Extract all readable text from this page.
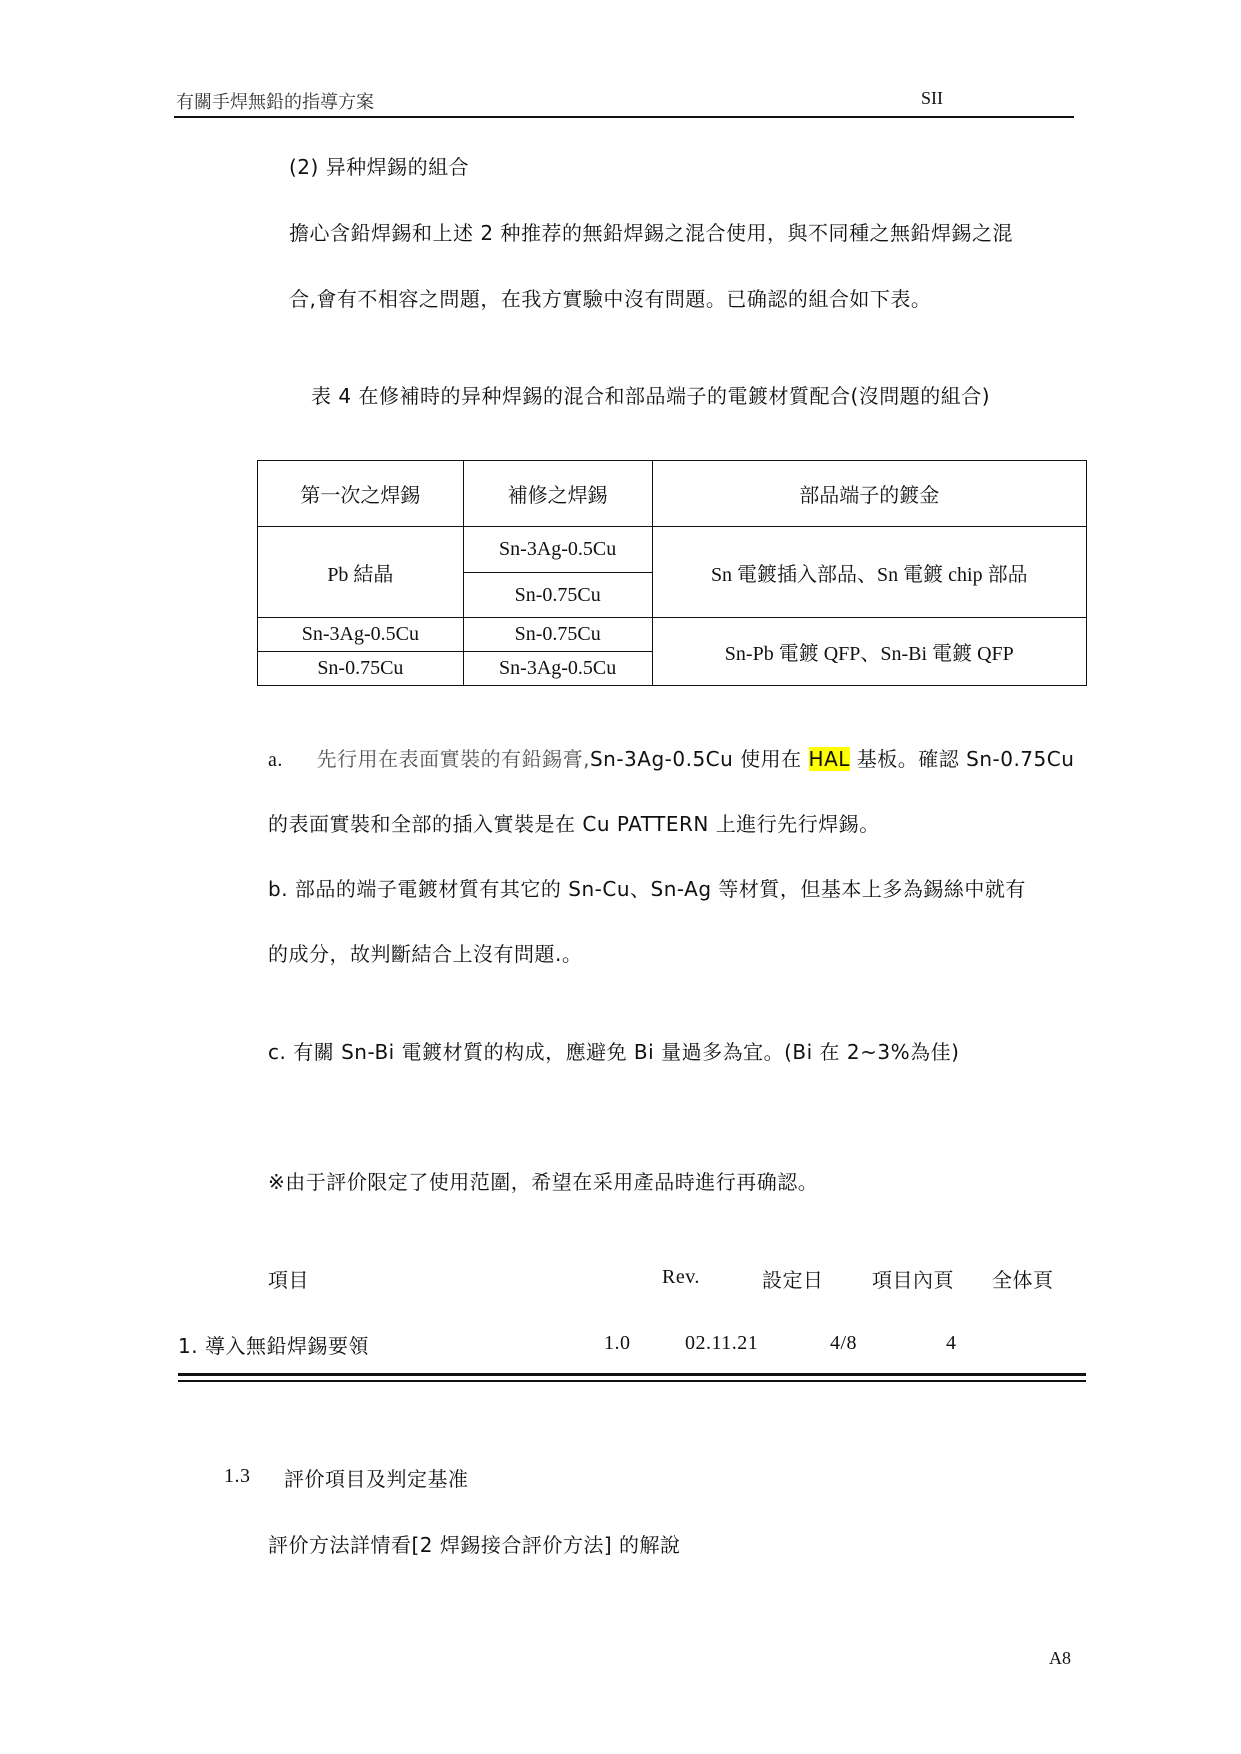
有關手焊無鉛的指導方案	SII
(2) 异种焊錫的組合
擔心含鉛焊錫和上述 2 种推荐的無鉛焊錫之混合使用，與不同種之無鉛焊錫之混
合,會有不相容之問題，在我方實驗中沒有問題。已确認的組合如下表。
表 4 在修補時的异种焊錫的混合和部品端子的電鍍材質配合(沒問題的組合)
第一次之焊錫	補修之焊錫	部品端子的鍍金
Pb 結晶	Sn-3Ag-0.5Cu	Sn 電鍍插入部品、Sn 電鍍 chip 部品
	Sn-0.75Cu	
Sn-3Ag-0.5Cu	Sn-0.75Cu	Sn-Pb 電鍍 QFP、Sn-Bi 電鍍 QFP
Sn-0.75Cu	Sn-3Ag-0.5Cu	
a. 先行用在表面實裝的有鉛錫膏,Sn-3Ag-0.5Cu 使用在 HAL 基板。確認 Sn-0.75Cu
的表面實裝和全部的插入實裝是在 Cu PATTERN 上進行先行焊錫。
b. 部品的端子電鍍材質有其它的 Sn-Cu、Sn-Ag 等材質，但基本上多為錫絲中就有
的成分，故判斷結合上沒有問題.。
c. 有關 Sn-Bi 電鍍材質的构成，應避免 Bi 量過多為宜。(Bi 在 2~3%為佳)
※由于評价限定了使用范圍，希望在采用產品時進行再确認。
項目	Rev.	設定日 項目內頁 全体頁
1. 導入無鉛焊錫要領	1.0	02.11.21	4/8	4
1.3 評价項目及判定基准
評价方法詳情看[2 焊錫接合評价方法] 的解說
A8
